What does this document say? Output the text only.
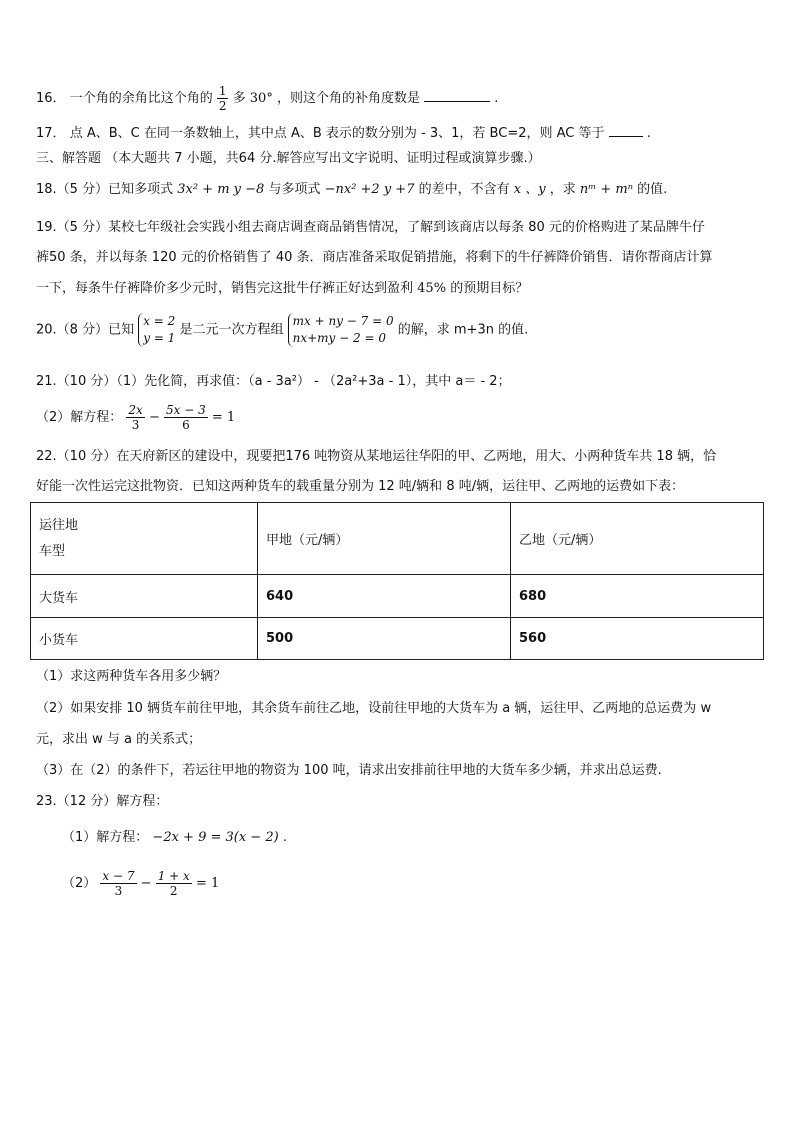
16． 一个角的余角比这个角的 $\frac{1}{2}$ 多 30° ，则这个角的补角度数是	.
17． 点 A、B、C 在同一条数轴上，其中点 A、B 表示的数分别为 - 3、1，若 BC=2，则 AC 等于	.
三、解答题 （本大题共 7 小题，共64 分.解答应写出文字说明、证明过程或演算步骤.）
18.（5 分）已知多项式 3x² + m y −8 与多项式 −nx² +2 y +7 的差中，不含有 x 、y ，求 nᵐ + mⁿ 的值.
19.（5 分）某校七年级社会实践小组去商店调查商品销售情况，了解到该商店以每条 80 元的价格购进了某品牌牛仔
裤50 条，并以每条 120 元的价格销售了 40 条．商店准备采取促销措施，将剩下的牛仔裤降价销售．请你帮商店计算
一下，每条牛仔裤降价多少元时，销售完这批牛仔裤正好达到盈利 45% 的预期目标？
20.（8 分）已知
x = 2
y = 1
是二元一次方程组
mx + ny − 7 = 0
nx+my − 2 = 0
的解，求 m+3n 的值.
21.（10 分）（1）先化简，再求值：（a - 3a²） - （2a²+3a - 1），其中 a＝ - 2；
（2）解方程： $\frac{2x}{3} - \frac{5x - 3}{6} = 1$
22.（10 分）在天府新区的建设中，现要把176 吨物资从某地运往华阳的甲、乙两地，用大、小两种货车共 18 辆，恰
好能一次性运完这批物资．已知这两种货车的载重量分别为 12 吨/辆和 8 吨/辆，运往甲、乙两地的运费如下表：
运往地
车型	甲地（元/辆）	乙地（元/辆）
大货车	640	680
小货车	500	560
（1）求这两种货车各用多少辆？
（2）如果安排 10 辆货车前往甲地，其余货车前往乙地，设前往甲地的大货车为 a 辆，运往甲、乙两地的总运费为 w
元，求出 w 与 a 的关系式；
（3）在（2）的条件下，若运往甲地的物资为 100 吨，请求出安排前往甲地的大货车多少辆，并求出总运费.
23.（12 分）解方程：
（1）解方程： −2x + 9 = 3(x − 2) .
$(2) \frac{x - 7}{3} - \frac{1 + x}{2} = 1$
